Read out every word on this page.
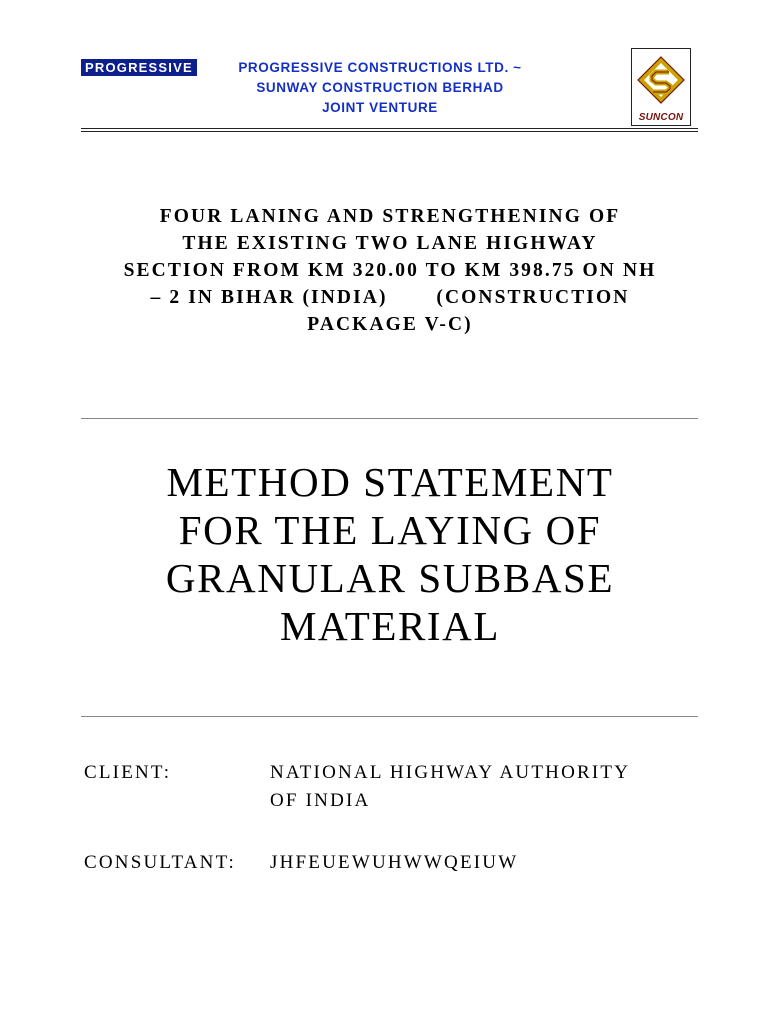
PROGRESSIVE	PROGRESSIVE CONSTRUCTIONS LTD. ~
SUNWAY CONSTRUCTION BERHAD
JOINT VENTURE
SUNCON
FOUR LANING AND STRENGTHENING OF
THE EXISTING TWO LANE HIGHWAY
SECTION FROM KM 320.00 TO KM 398.75 ON NH
– 2 IN BIHAR (INDIA)       (CONSTRUCTION
PACKAGE V-C)
METHOD STATEMENT
FOR THE LAYING OF
GRANULAR SUBBASE
MATERIAL
CLIENT:	NATIONAL HIGHWAY AUTHORITY
OF INDIA
CONSULTANT: JHFEUEWUHWWQEIUW
